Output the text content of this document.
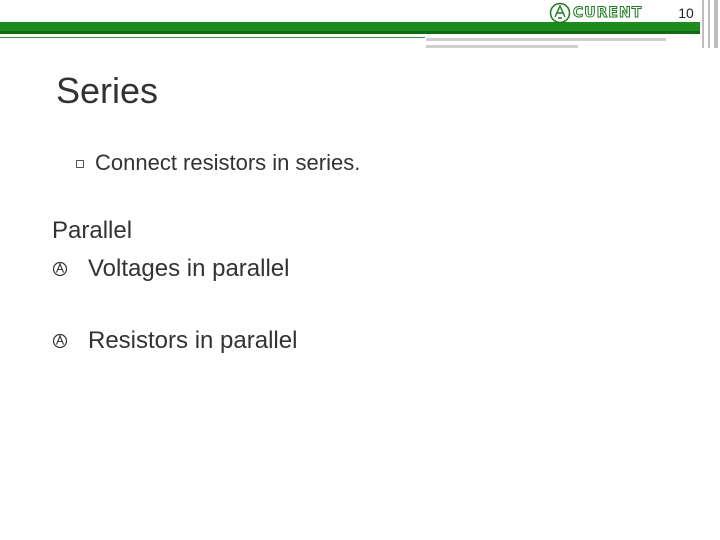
CURENT	10
Series
Connect resistors in series.
Parallel
Voltages in parallel
Resistors in parallel
